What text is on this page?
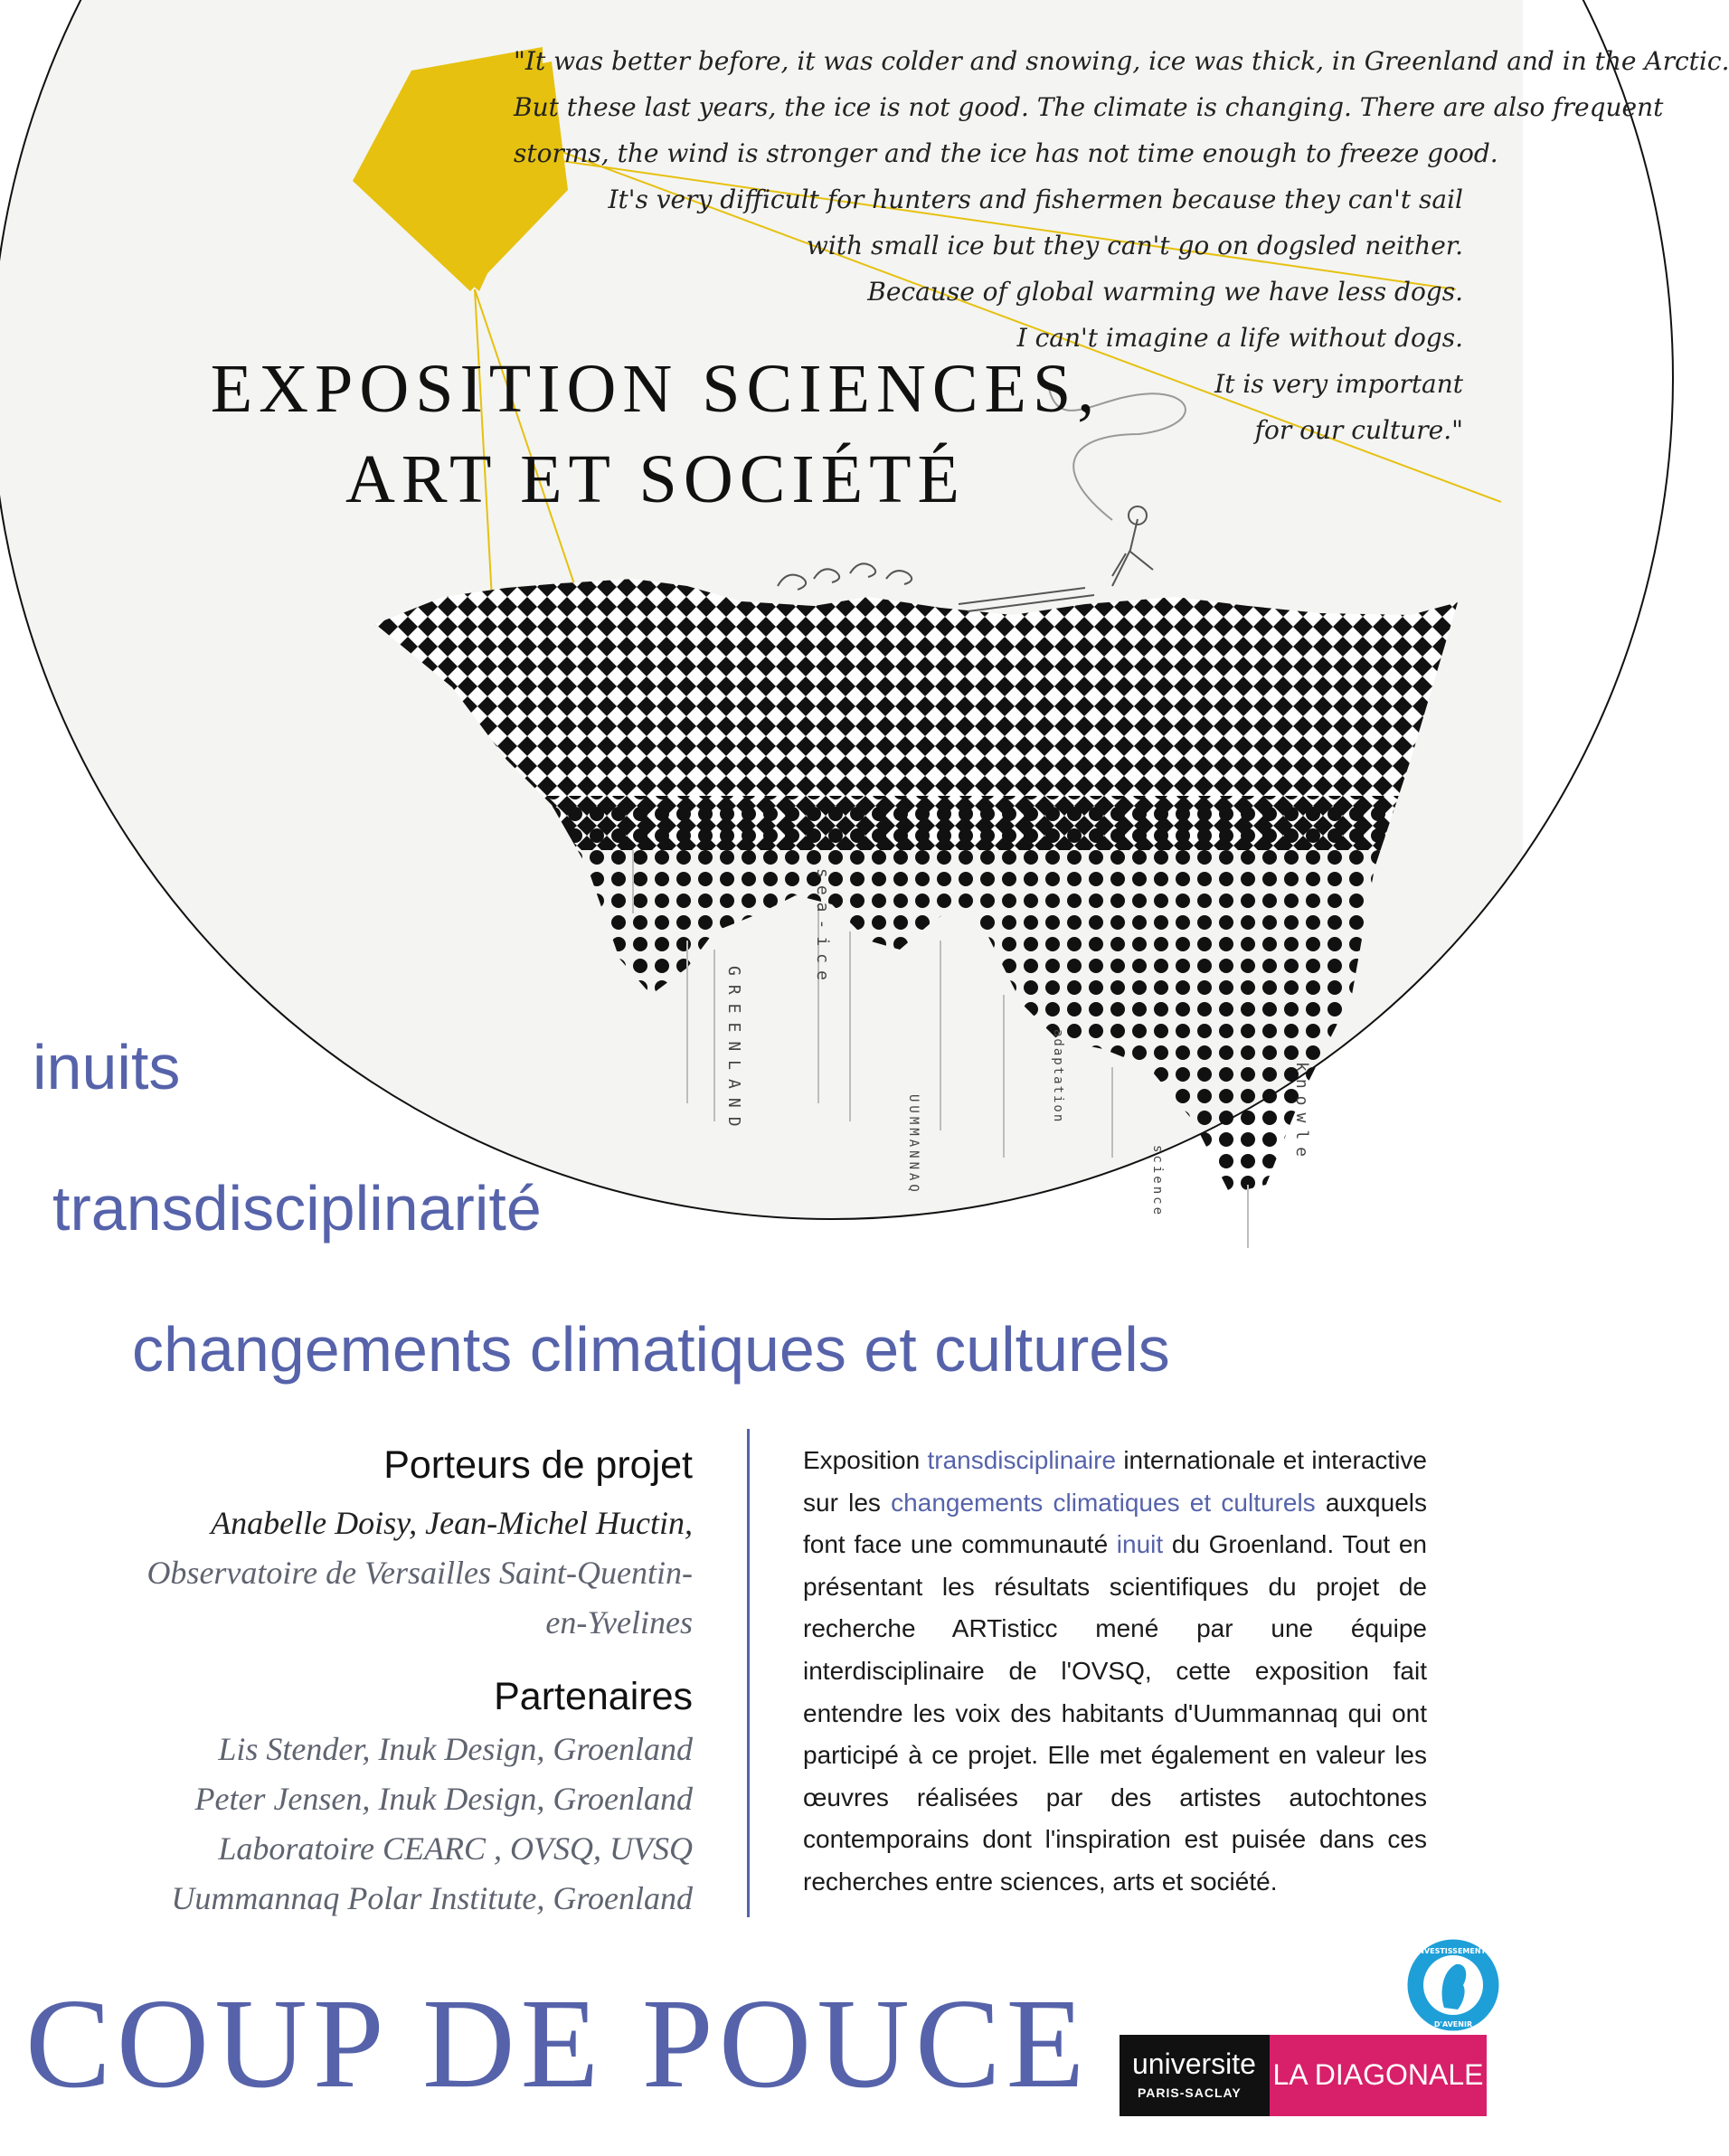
GREENLAND
sea-ice
UUMMANNAQ
adaptation
science
knowle
"It was better before, it was colder and snowing, ice was thick, in Greenland and in the Arctic.
But these last years, the ice is not good. The climate is changing. There are also frequent
storms, the wind is stronger and the ice has not time enough to freeze good.
It's very difficult for hunters and fishermen because they can't sail
with small ice but they can't go on dogsled neither.
Because of global warming we have less dogs.
I can't imagine a life without dogs.
It is very important
for our culture."
EXPOSITION SCIENCES,
ART ET SOCIÉTÉ
inuits
transdisciplinarité
changements climatiques et culturels
Porteurs de projet
Anabelle Doisy, Jean-Michel Huctin,
Observatoire de Versailles Saint-Quentin-
en-Yvelines
Partenaires
Lis Stender, Inuk Design, Groenland
Peter Jensen, Inuk Design, Groenland
Laboratoire CEARC , OVSQ, UVSQ
Uummannaq Polar Institute, Groenland
Exposition transdisciplinaire internationale et interactive sur les changements climatiques et culturels auxquels font face une communauté inuit du Groenland. Tout en présentant les résultats scientifiques du projet de recherche ARTisticc mené par une équipe interdisciplinaire de l'OVSQ, cette exposition fait entendre les voix des habitants d'Uummannaq qui ont participé à ce projet. Elle met également en valeur les œuvres réalisées par des artistes autochtones contemporains dont l'inspiration est puisée dans ces recherches entre sciences, arts et société.
COUP DE POUCE
INVESTISSEMENTS
D'AVENIR
universite
PARIS-SACLAY
LA DIAGONALE
